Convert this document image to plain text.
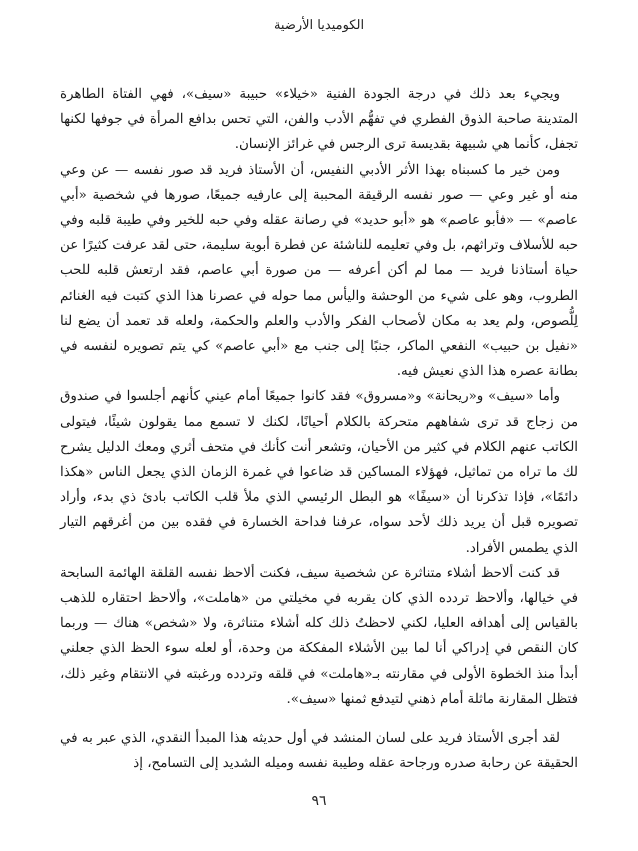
الكوميديا الأرضية

ويجيء بعد ذلك في درجة الجودة الفنية «خيلاء» حبيبة «سيف»، فهي الفتاة الطاهرة المتدينة صاحبة الذوق الفطري في تفهُّم الأدب والفن، التي تحس بدافع المرأة في جوفها لكنها تجفل، كأنما هي شبيهة بقديسة ترى الرجس في غرائز الإنسان.

ومن خير ما كسبناه بهذا الأثر الأدبي النفيس، أن الأستاذ فريد قد صور نفسه — عن وعي منه أو غير وعي — صور نفسه الرقيقة المحببة إلى عارفيه جميعًا، صورها في شخصية «أبي عاصم» — «فأبو عاصم» هو «أبو حديد» في رصانة عقله وفي حبه للخير وفي طيبة قلبه وفي حبه للأسلاف وتراثهم، بل وفي تعليمه للناشئة عن فطرة أبوية سليمة، حتى لقد عرفت كثيرًا عن حياة أستاذنا فريد — مما لم أكن أعرفه — من صورة أبي عاصم، فقد ارتعش قلبه للحب الطروب، وهو على شيء من الوحشة واليأس مما حوله في عصرنا هذا الذي كتبت فيه الغنائم لِلُّصوص، ولم يعد به مكان لأصحاب الفكر والأدب والعلم والحكمة، ولعله قد تعمد أن يضع لنا «نفيل بن حبيب» النفعي الماكر، جنبًا إلى جنب مع «أبي عاصم» كي يتم تصويره لنفسه في بطانة عصره هذا الذي نعيش فيه.

وأما «سيف» و«ريحانة» و«مسروق» فقد كانوا جميعًا أمام عيني كأنهم أجلسوا في صندوق من زجاج قد ترى شفاههم متحركة بالكلام أحيانًا، لكنك لا تسمع مما يقولون شيئًا، فيتولى الكاتب عنهم الكلام في كثير من الأحيان، وتشعر أنت كأنك في متحف أثري ومعك الدليل يشرح لك ما تراه من تماثيل، فهؤلاء المساكين قد ضاعوا في غمرة الزمان الذي يجعل الناس «هكذا دائمًا»، فإذا تذكرنا أن «سيفًا» هو البطل الرئيسي الذي ملأ قلب الكاتب بادئ ذي بدء، وأراد تصويره قبل أن يريد ذلك لأحد سواه، عرفنا فداحة الخسارة في فقده بين من أغرقهم التيار الذي يطمس الأفراد.

قد كنت ألاحظ أشلاء متناثرة عن شخصية سيف، فكنت ألاحظ نفسه القلقة الهائمة السابحة في خيالها، وألاحظ تردده الذي كان يقربه في مخيلتي من «هاملت»، وألاحظ احتقاره للذهب بالقياس إلى أهدافه العليا، لكني لاحظتُ ذلك كله أشلاء متناثرة، ولا «شخص» هناك — وربما كان النقص في إدراكي أنا لما بين الأشلاء المفككة من وحدة، أو لعله سوء الحظ الذي جعلني أبدأ منذ الخطوة الأولى في مقارنته بـ«هاملت» في قلقه وتردده ورغبته في الانتقام وغير ذلك، فتظل المقارنة ماثلة أمام ذهني لتيدفع ثمنها «سيف».

لقد أجرى الأستاذ فريد على لسان المنشد في أول حديثه هذا المبدأ النقدي، الذي عبر به في الحقيقة عن رحابة صدره ورجاحة عقله وطيبة نفسه وميله الشديد إلى التسامح، إذ

٩٦
